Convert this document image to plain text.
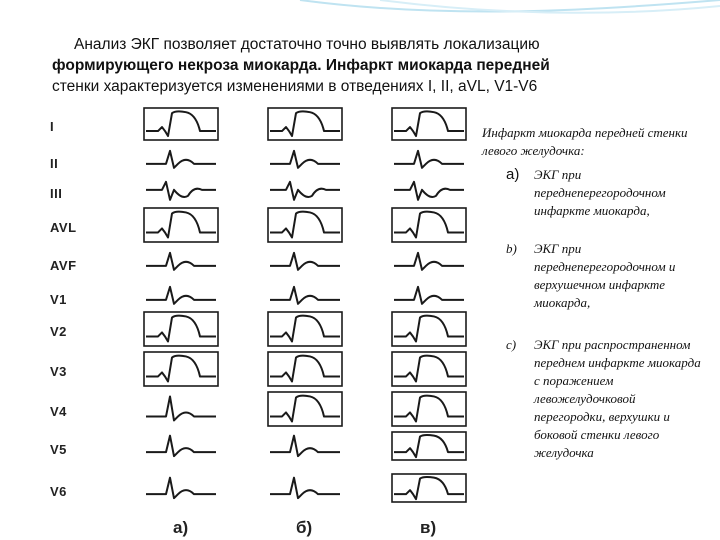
Анализ ЭКГ позволяет достаточно точно выявлять локализацию
формирующего некроза миокарда. Инфаркт миокарда передней
стенки характеризуется изменениями в отведениях I, II, aVL, V1-V6
I
II
III
AVL
AVF
V1
V2
V3
V4
V5
V6
а)	б)	в)
Инфаркт миокарда передней стенки левого желудочка:
а) ЭКГ при переднеперегородочном инфаркте миокарда,
b) ЭКГ при переднеперегородочном и верхушечном инфаркте миокарда,
c) ЭКГ при распространенном переднем инфаркте миокарда с поражением левожелудочковой перегородки, верхушки и боковой стенки левого желудочка
